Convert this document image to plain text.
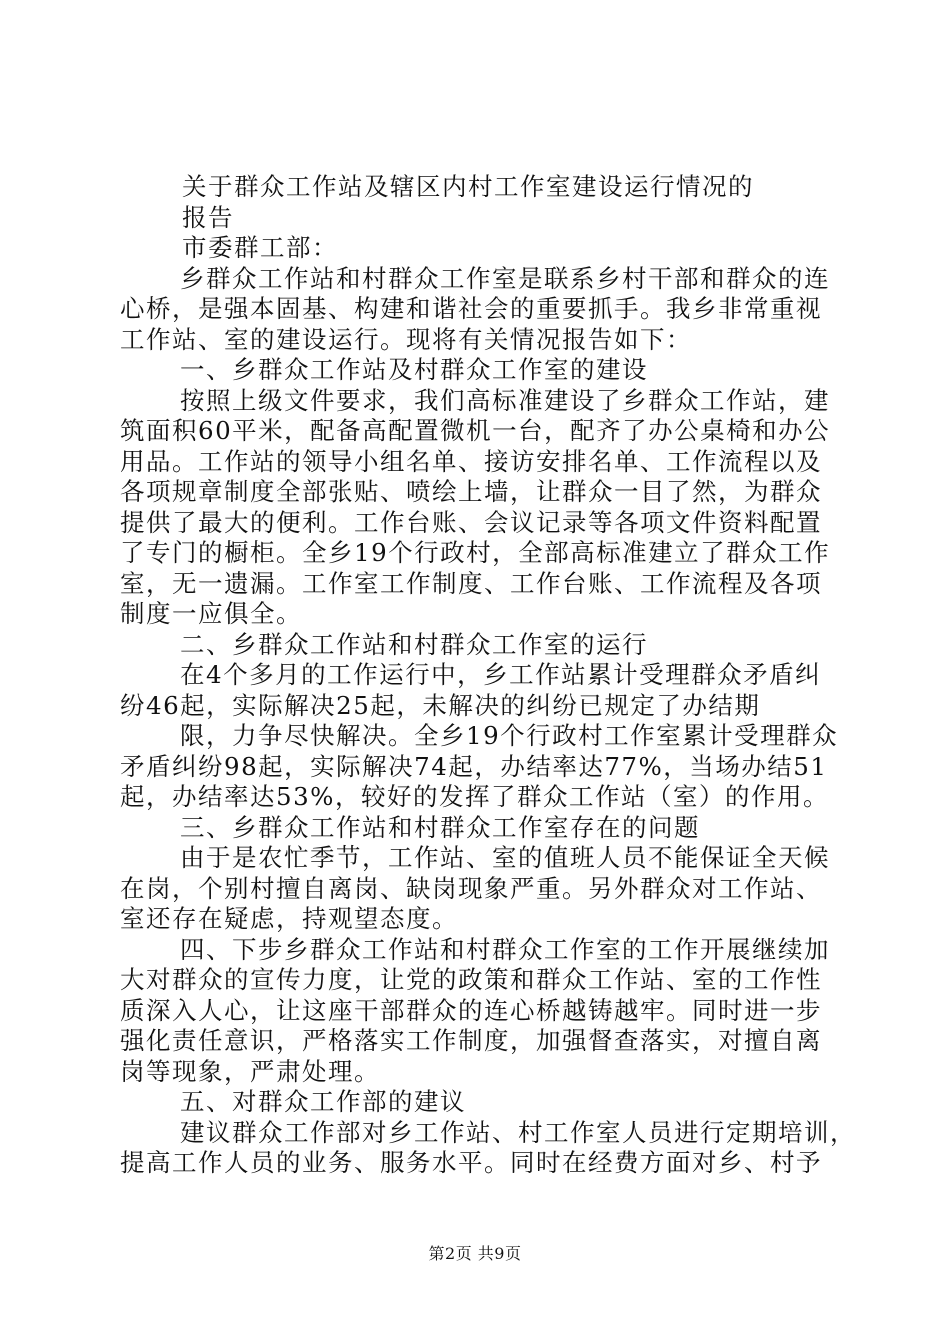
关于群众工作站及辖区内村工作室建设运行情况的
报告
市委群工部：
乡群众工作站和村群众工作室是联系乡村干部和群众的连
心桥，是强本固基、构建和谐社会的重要抓手。我乡非常重视
工作站、室的建设运行。现将有关情况报告如下：
一、乡群众工作站及村群众工作室的建设
按照上级文件要求，我们高标准建设了乡群众工作站，建
筑面积60平米，配备高配置微机一台，配齐了办公桌椅和办公
用品。工作站的领导小组名单、接访安排名单、工作流程以及
各项规章制度全部张贴、喷绘上墙，让群众一目了然，为群众
提供了最大的便利。工作台账、会议记录等各项文件资料配置
了专门的橱柜。全乡19个行政村，全部高标准建立了群众工作
室，无一遗漏。工作室工作制度、工作台账、工作流程及各项
制度一应俱全。
二、乡群众工作站和村群众工作室的运行
在4个多月的工作运行中，乡工作站累计受理群众矛盾纠
纷46起，实际解决25起，未解决的纠纷已规定了办结期
限，力争尽快解决。全乡19个行政村工作室累计受理群众
矛盾纠纷98起，实际解决74起，办结率达77%，当场办结51
起，办结率达53%，较好的发挥了群众工作站（室）的作用。
三、乡群众工作站和村群众工作室存在的问题
由于是农忙季节，工作站、室的值班人员不能保证全天候
在岗，个别村擅自离岗、缺岗现象严重。另外群众对工作站、
室还存在疑虑，持观望态度。
四、下步乡群众工作站和村群众工作室的工作开展继续加
大对群众的宣传力度，让党的政策和群众工作站、室的工作性
质深入人心，让这座干部群众的连心桥越铸越牢。同时进一步
强化责任意识，严格落实工作制度，加强督查落实，对擅自离
岗等现象，严肃处理。
五、对群众工作部的建议
建议群众工作部对乡工作站、村工作室人员进行定期培训，
提高工作人员的业务、服务水平。同时在经费方面对乡、村予
第2页 共9页
